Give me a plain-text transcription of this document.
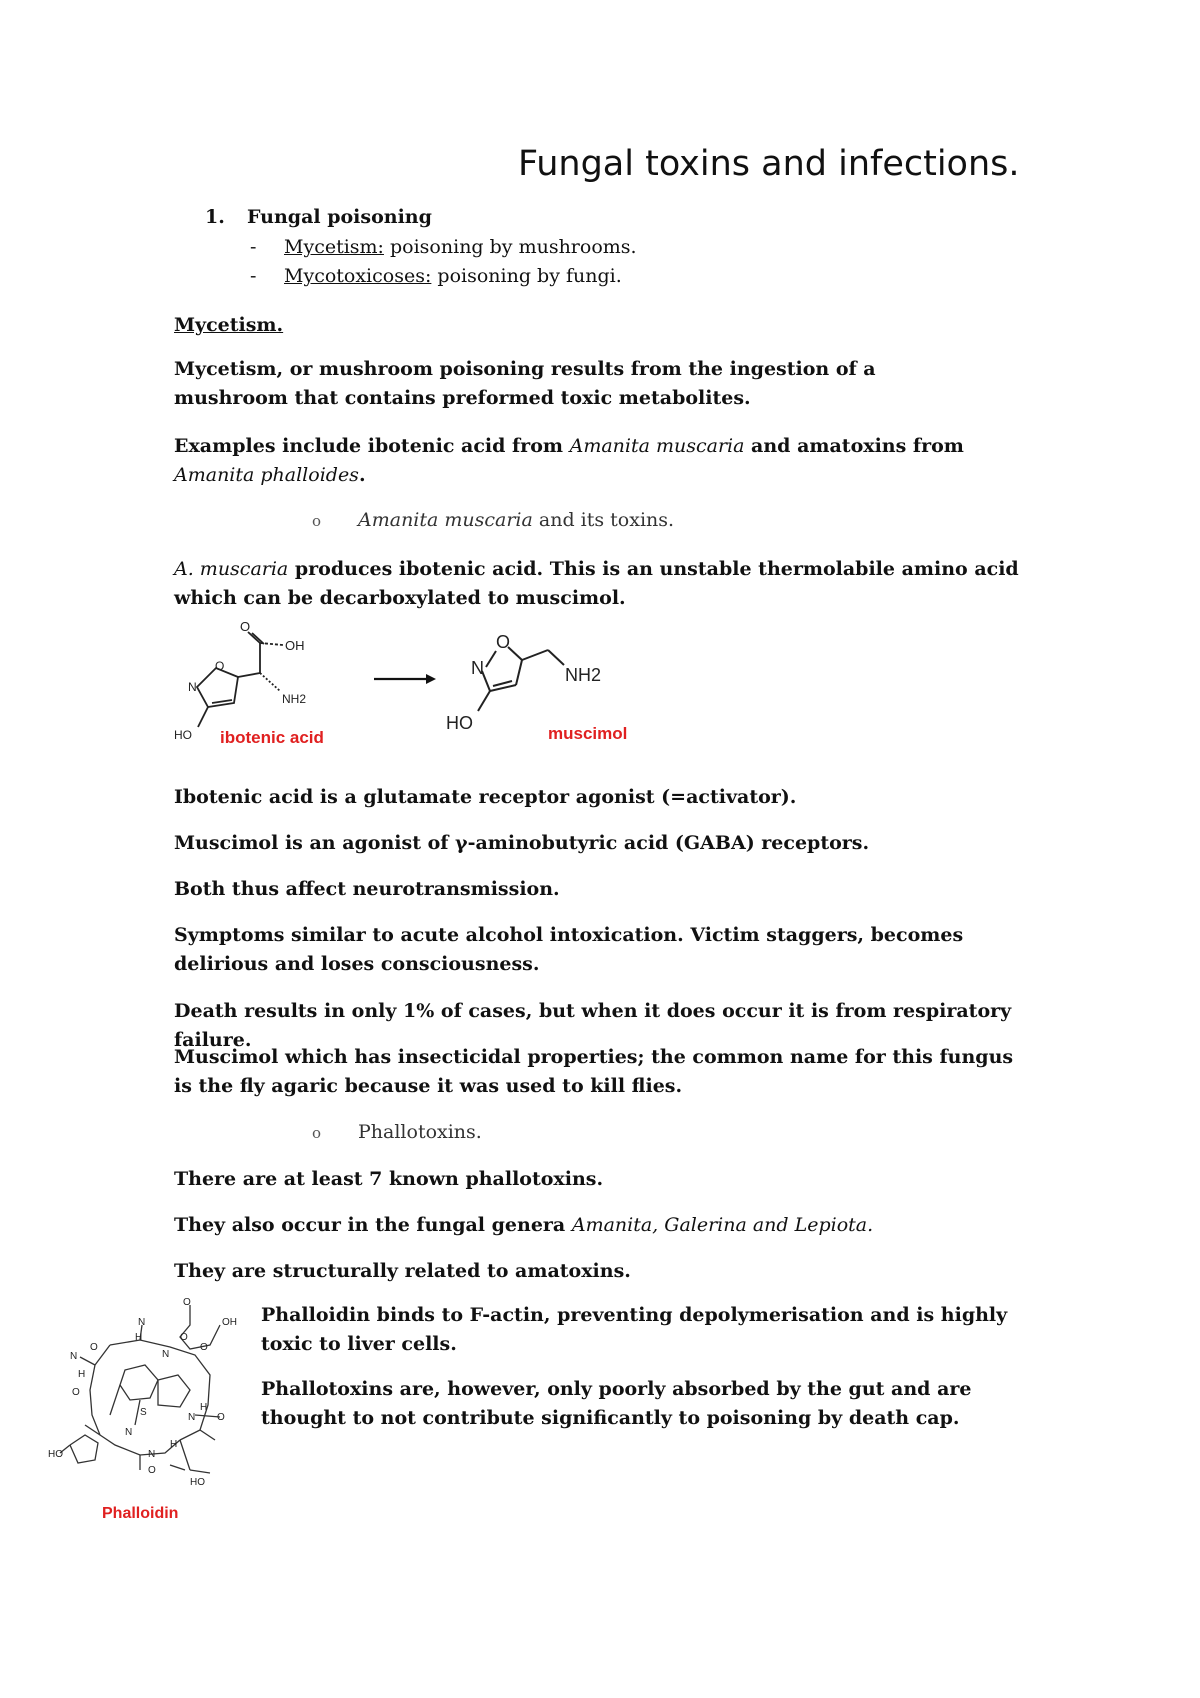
Fungal toxins and infections.
1. Fungal poisoning
- Mycetism: poisoning by mushrooms.
- Mycotoxicoses: poisoning by fungi.

Mycetism.

Mycetism, or mushroom poisoning results from the ingestion of a mushroom that contains preformed toxic metabolites.

Examples include ibotenic acid from Amanita muscaria and amatoxins from Amanita phalloides.

o Amanita muscaria and its toxins.

A. muscaria produces ibotenic acid. This is an unstable thermolabile amino acid which can be decarboxylated to muscimol.

O
OH
O
N
NH2
HO ibotenic acid
O
N	NH2
HO
muscimol

Ibotenic acid is a glutamate receptor agonist (=activator).

Muscimol is an agonist of γ-aminobutyric acid (GABA) receptors.

Both thus affect neurotransmission.

Symptoms similar to acute alcohol intoxication. Victim staggers, becomes delirious and loses consciousness.

Death results in only 1% of cases, but when it does occur it is from respiratory failure.

Muscimol which has insecticidal properties; the common name for this fungus is the fly agaric because it was used to kill flies.

o Phallotoxins.

There are at least 7 known phallotoxins.

They also occur in the fungal genera Amanita, Galerina and Lepiota.

They are structurally related to amatoxins.

Phalloidin binds to F-actin, preventing depolymerisation and is highly toxic to liver cells.

Phallotoxins are, however, only poorly absorbed by the gut and are thought to not contribute significantly to poisoning by death cap.

O
OH
H
N
O
N
O
O
N
H
O
S
N
N
H
O
N
H
O
HO
HO
Phalloidin
